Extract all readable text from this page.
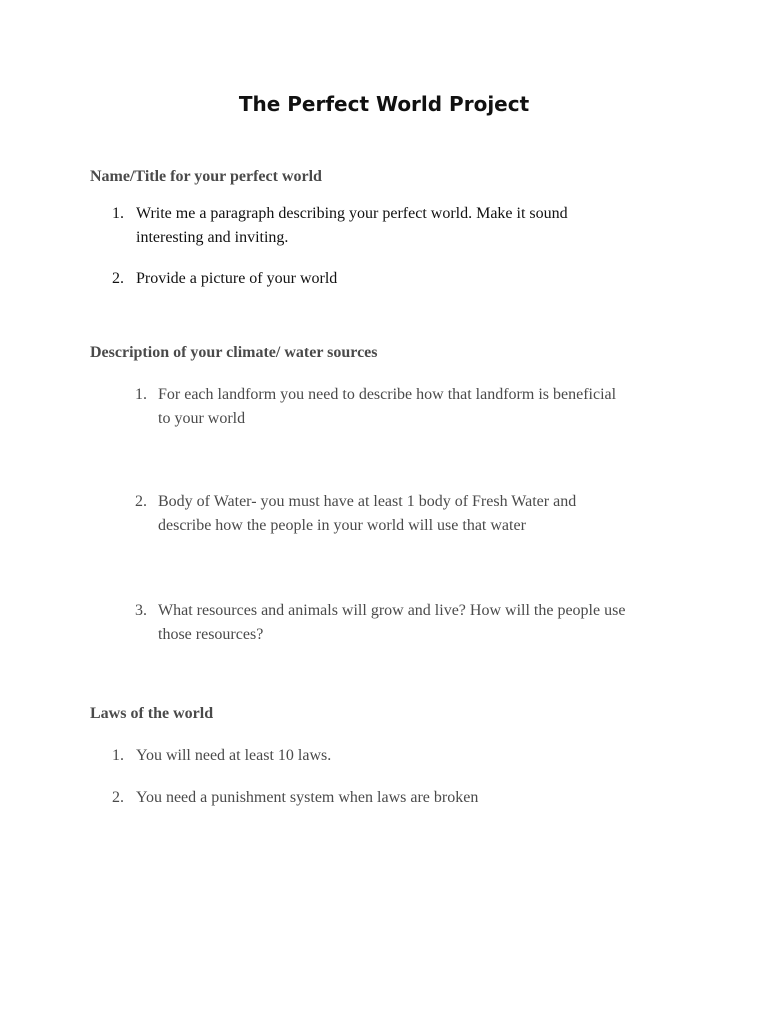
The Perfect World Project
Name/Title for your perfect world
1. Write me a paragraph describing your perfect world. Make it sound
interesting and inviting.
2. Provide a picture of your world
Description of your climate/ water sources
1. For each landform you need to describe how that landform is beneficial
to your world
2. Body of Water- you must have at least 1 body of Fresh Water and
describe how the people in your world will use that water
3. What resources and animals will grow and live? How will the people use
those resources?
Laws of the world
1. You will need at least 10 laws.
2. You need a punishment system when laws are broken
